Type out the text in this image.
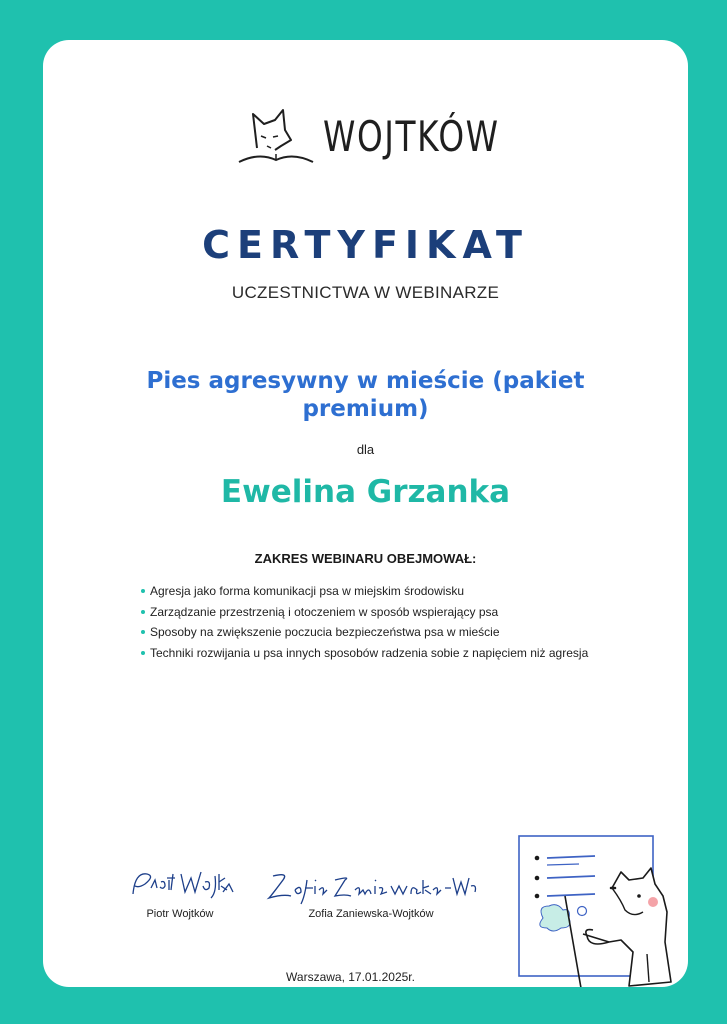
WOJTKÓW
CERTYFIKAT
UCZESTNICTWA W WEBINARZE
Pies agresywny w mieście (pakiet premium)
dla
Ewelina Grzanka
ZAKRES WEBINARU OBEJMOWAŁ:
Agresja jako forma komunikacji psa w miejskim środowisku
Zarządzanie przestrzenią i otoczeniem w sposób wspierający psa
Sposoby na zwiększenie poczucia bezpieczeństwa psa w mieście
Techniki rozwijania u psa innych sposobów radzenia sobie z napięciem niż agresja
Piotr Wojtków	Zofia Zaniewska-Wojtków
Warszawa, 17.01.2025r.
